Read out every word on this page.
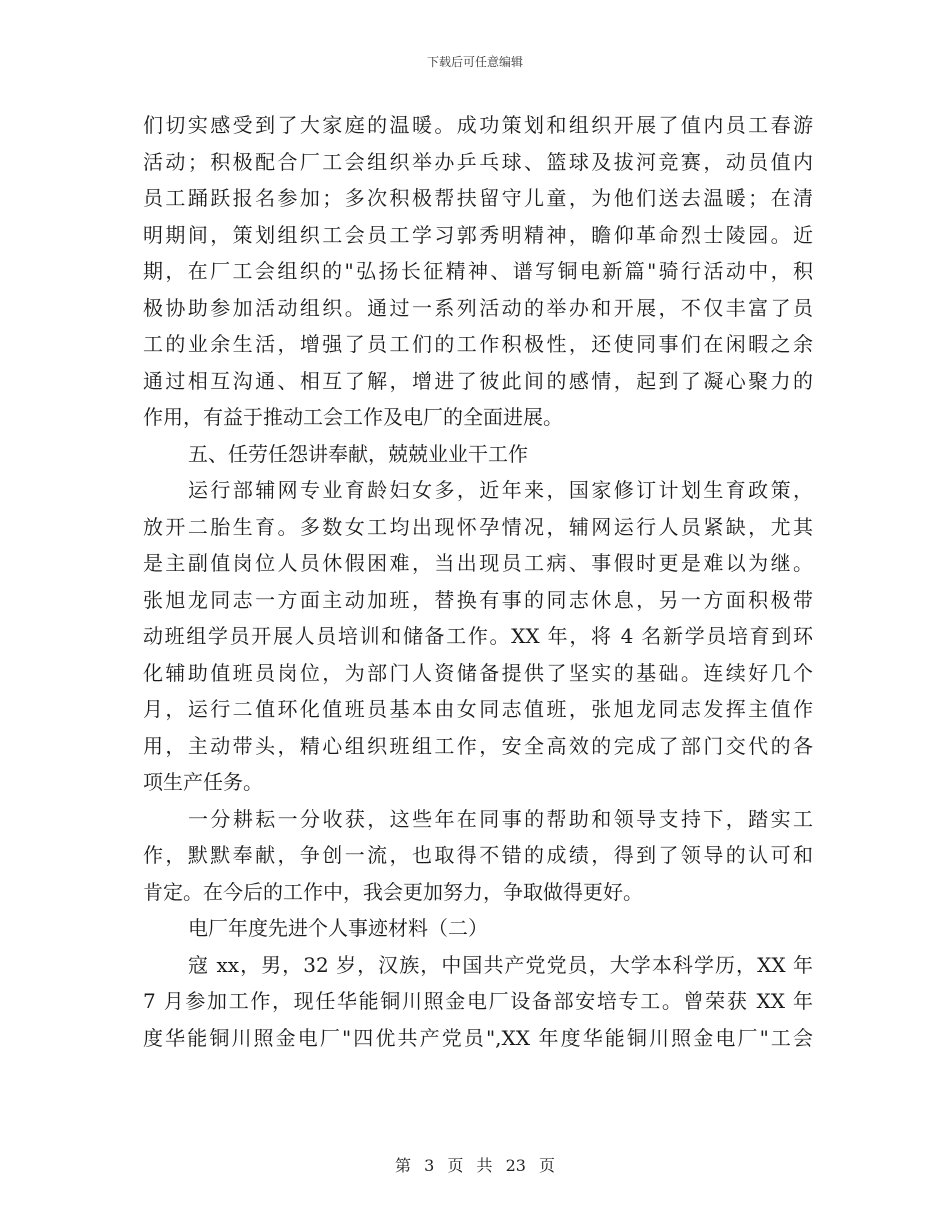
下载后可任意编辑
们切实感受到了大家庭的温暖。成功策划和组织开展了值内员工春游
活动；积极配合厂工会组织举办乒乓球、篮球及拔河竞赛，动员值内
员工踊跃报名参加；多次积极帮扶留守儿童，为他们送去温暖；在清
明期间，策划组织工会员工学习郭秀明精神，瞻仰革命烈士陵园。近
期，在厂工会组织的"弘扬长征精神、谱写铜电新篇"骑行活动中，积
极协助参加活动组织。通过一系列活动的举办和开展，不仅丰富了员
工的业余生活，增强了员工们的工作积极性，还使同事们在闲暇之余
通过相互沟通、相互了解，增进了彼此间的感情，起到了凝心聚力的
作用，有益于推动工会工作及电厂的全面进展。
五、任劳任怨讲奉献，兢兢业业干工作
运行部辅网专业育龄妇女多，近年来，国家修订计划生育政策，
放开二胎生育。多数女工均出现怀孕情况，辅网运行人员紧缺，尤其
是主副值岗位人员休假困难，当出现员工病、事假时更是难以为继。
张旭龙同志一方面主动加班，替换有事的同志休息，另一方面积极带
动班组学员开展人员培训和储备工作。XX 年，将 4 名新学员培育到环
化辅助值班员岗位，为部门人资储备提供了坚实的基础。连续好几个
月，运行二值环化值班员基本由女同志值班，张旭龙同志发挥主值作
用，主动带头，精心组织班组工作，安全高效的完成了部门交代的各
项生产任务。
一分耕耘一分收获，这些年在同事的帮助和领导支持下，踏实工
作，默默奉献，争创一流，也取得不错的成绩，得到了领导的认可和
肯定。在今后的工作中，我会更加努力，争取做得更好。
电厂年度先进个人事迹材料（二）
寇 xx，男，32 岁，汉族，中国共产党党员，大学本科学历，XX 年
7 月参加工作，现任华能铜川照金电厂设备部安培专工。曾荣获 XX 年
度华能铜川照金电厂"四优共产党员",XX 年度华能铜川照金电厂"工会
第 3 页 共 23 页
